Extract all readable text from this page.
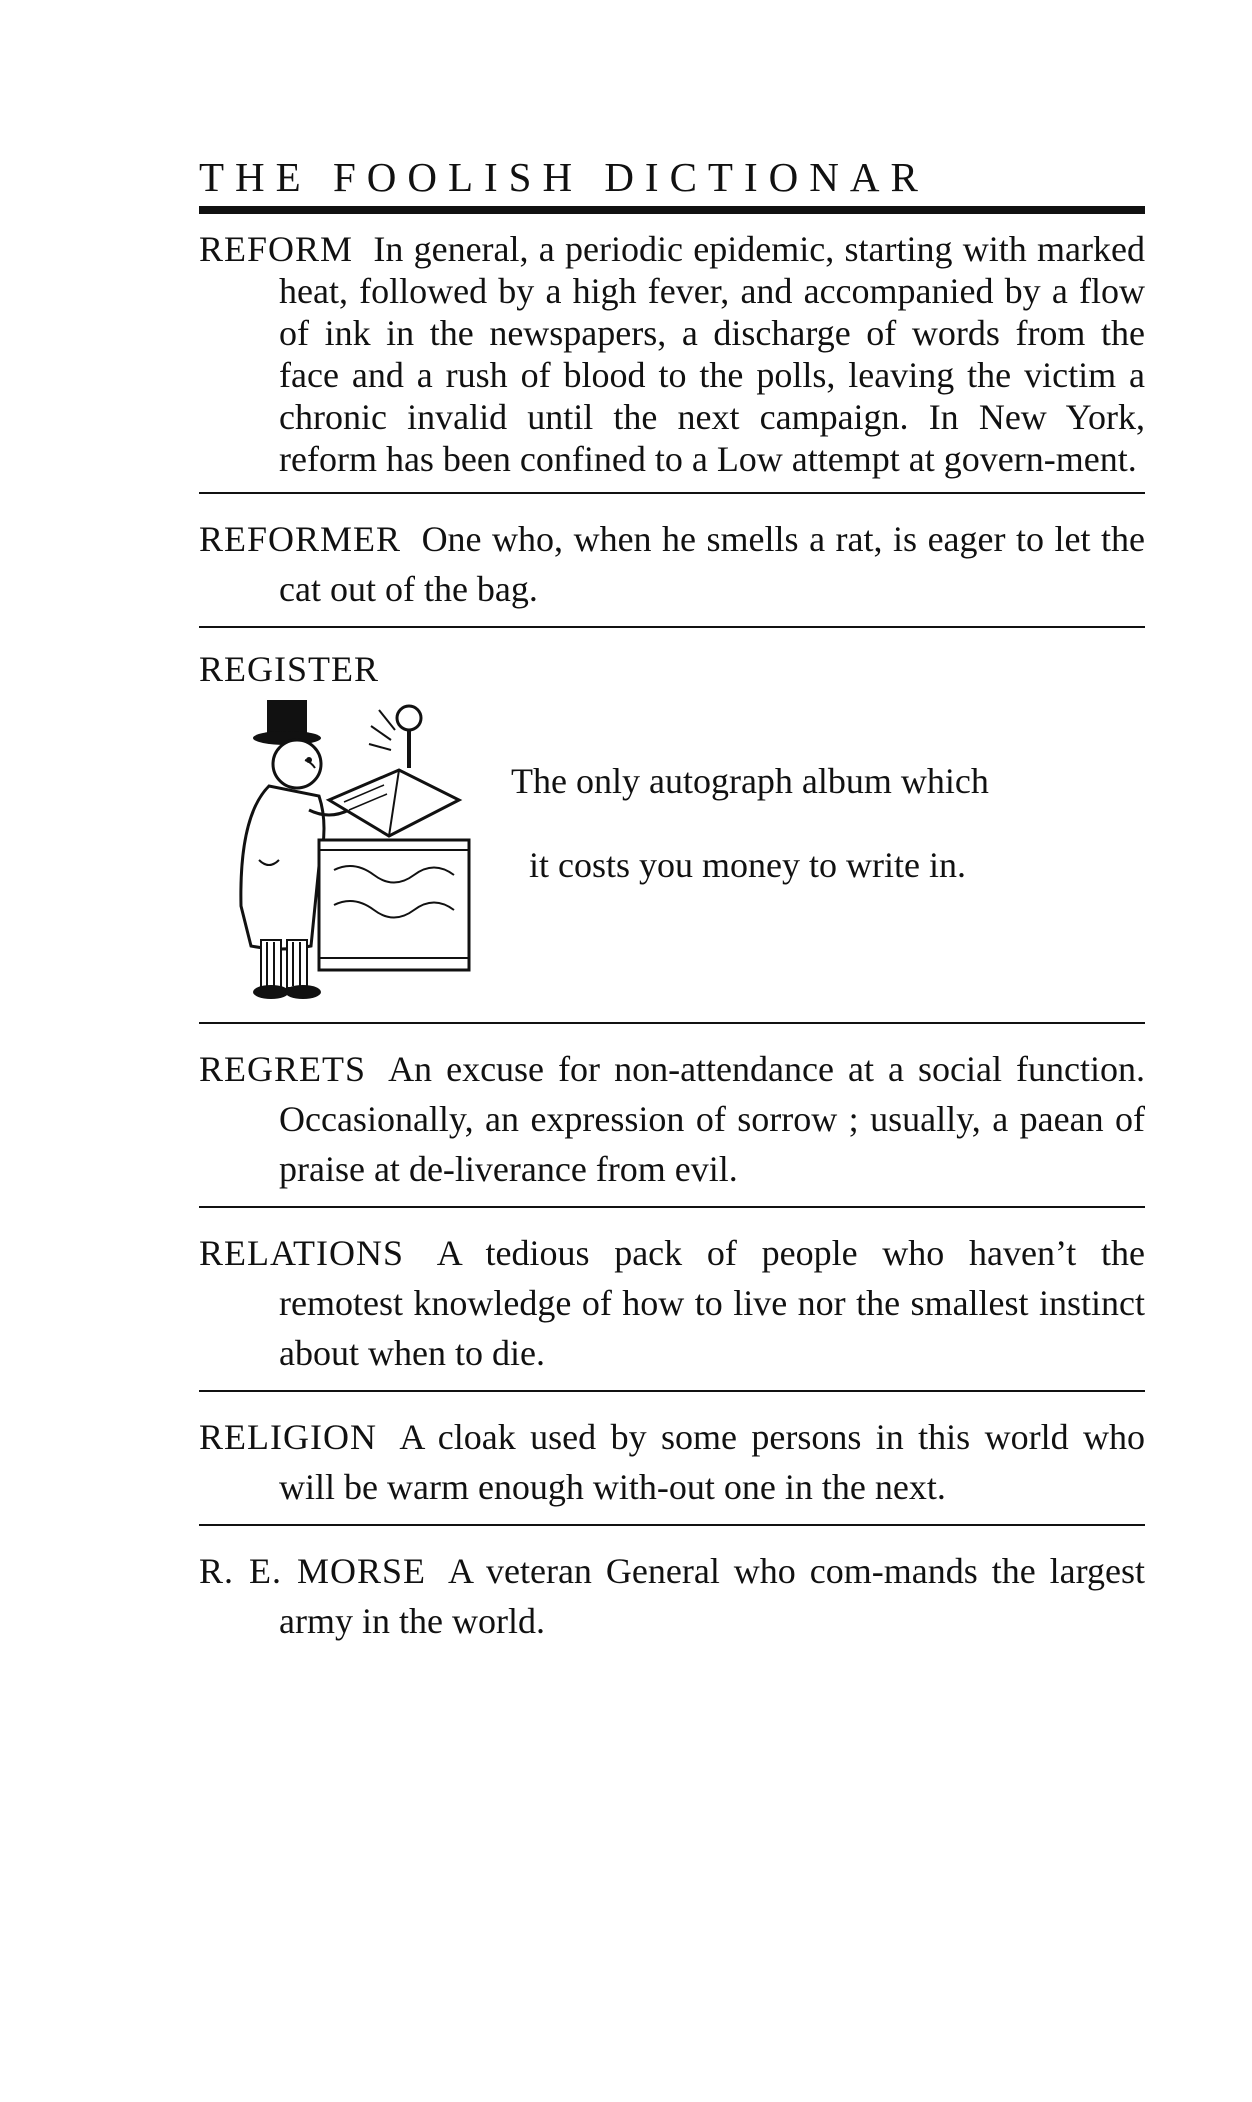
THE FOOLISH DICTIONAR

REFORM In general, a periodic epidemic, starting with marked heat, followed by a high fever, and accompanied by a flow of ink in the newspapers, a discharge of words from the face and a rush of blood to the polls, leaving the victim a chronic invalid until the next campaign. In New York, reform has been confined to a Low attempt at govern-ment.

REFORMER One who, when he smells a rat, is eager to let the cat out of the bag.

REGISTER

The only autograph album which
it costs you money to write in.

REGRETS An excuse for non-attendance at a social function. Occasionally, an expression of sorrow ; usually, a paean of praise at de-liverance from evil.

RELATIONS A tedious pack of people who haven’t the remotest knowledge of how to live nor the smallest instinct about when to die.

RELIGION A cloak used by some persons in this world who will be warm enough with-out one in the next.

R. E. MORSE A veteran General who com-mands the largest army in the world.
